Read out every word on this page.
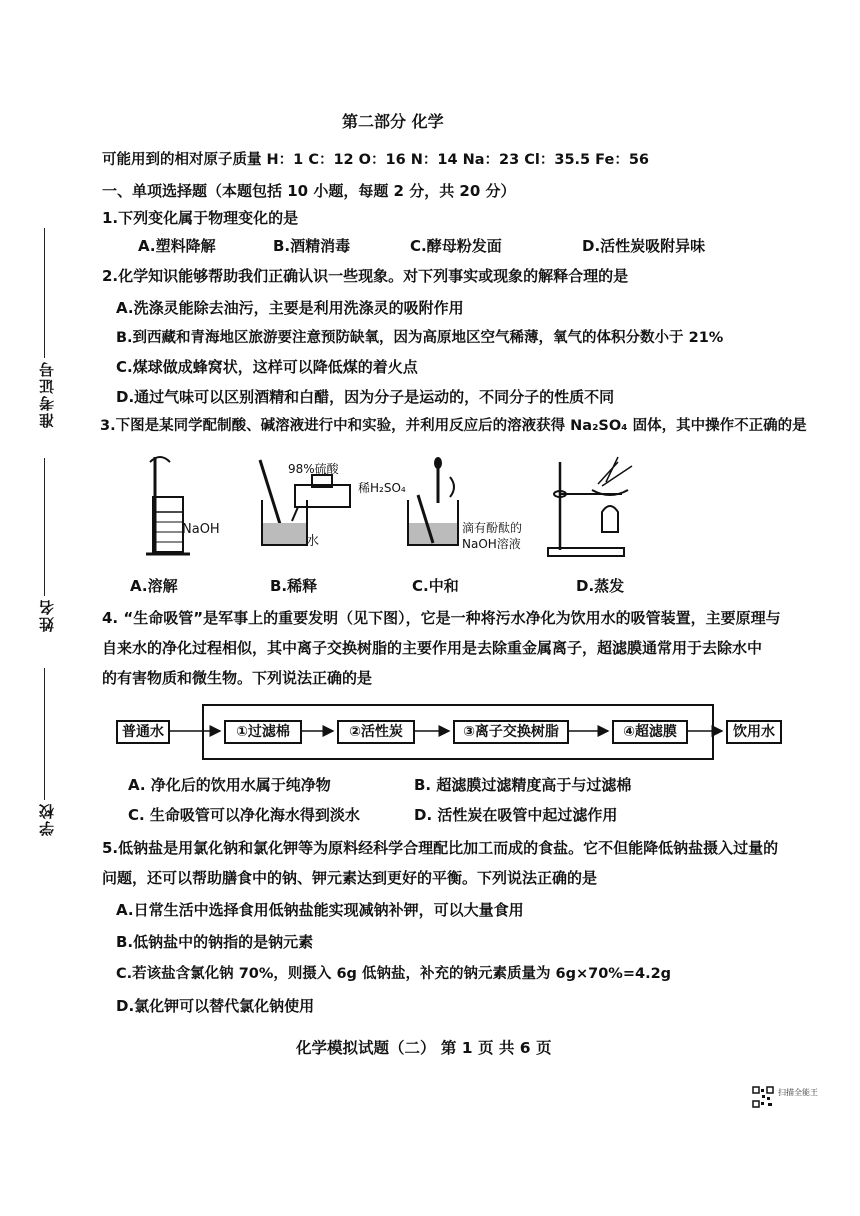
准考证号
姓名
学校
第二部分 化学
可能用到的相对原子质量 H：1 C：12 O：16 N：14 Na：23 Cl：35.5 Fe：56
一、单项选择题（本题包括 10 小题，每题 2 分，共 20 分）
1.下列变化属于物理变化的是
A.塑料降解	B.酒精消毒	C.酵母粉发面	D.活性炭吸附异味
2.化学知识能够帮助我们正确认识一些现象。对下列事实或现象的解释合理的是
A.洗涤灵能除去油污，主要是利用洗涤灵的吸附作用
B.到西藏和青海地区旅游要注意预防缺氧，因为高原地区空气稀薄，氧气的体积分数小于 21%
C.煤球做成蜂窝状，这样可以降低煤的着火点
D.通过气味可以区别酒精和白醋，因为分子是运动的，不同分子的性质不同
3.下图是某同学配制酸、碱溶液进行中和实验，并利用反应后的溶液获得 Na₂SO₄ 固体，其中操作不正确的是
NaOH
98%硫酸
水
稀H₂SO₄
滴有酚酞的
NaOH溶液
A.溶解	B.稀释	C.中和	D.蒸发
4. “生命吸管”是军事上的重要发明（见下图），它是一种将污水净化为饮用水的吸管装置，主要原理与
自来水的净化过程相似，其中离子交换树脂的主要作用是去除重金属离子，超滤膜通常用于去除水中
的有害物质和微生物。下列说法正确的是
普通水	①过滤棉	②活性炭	③离子交换树脂	④超滤膜	饮用水
A. 净化后的饮用水属于纯净物	B. 超滤膜过滤精度高于与过滤棉
C. 生命吸管可以净化海水得到淡水	D. 活性炭在吸管中起过滤作用
5.低钠盐是用氯化钠和氯化钾等为原料经科学合理配比加工而成的食盐。它不但能降低钠盐摄入过量的
问题，还可以帮助膳食中的钠、钾元素达到更好的平衡。下列说法正确的是
A.日常生活中选择食用低钠盐能实现减钠补钾，可以大量食用
B.低钠盐中的钠指的是钠元素
C.若该盐含氯化钠 70%，则摄入 6g 低钠盐，补充的钠元素质量为 6g×70%=4.2g
D.氯化钾可以替代氯化钠使用
化学模拟试题（二） 第 1 页 共 6 页
扫描全能王
